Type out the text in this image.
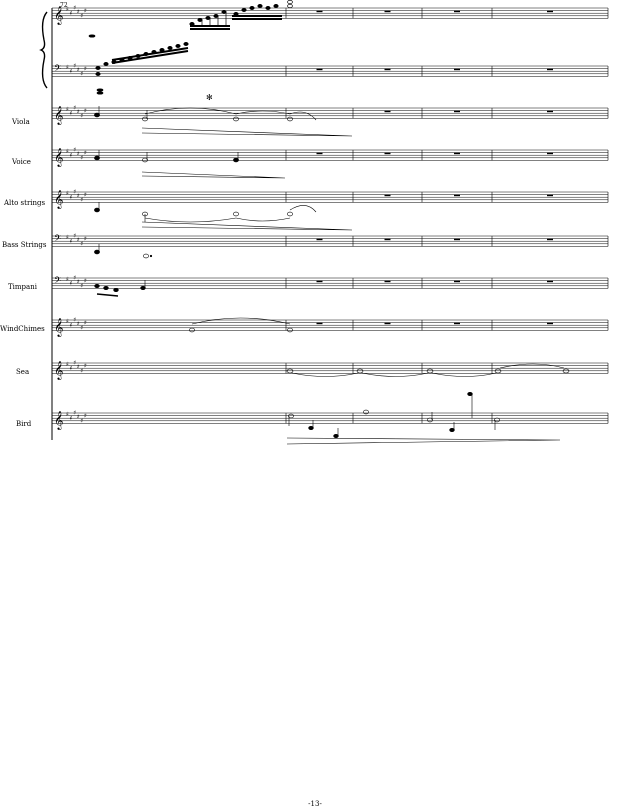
72
Viola
Voice
Alto strings
Bass Strings
Timpani
WindChimes
Sea
Bird
𝄞 ♯
♯
♯
♯
♯
♯
𝄢 ♯
♯
♯
♯
♯
♯
𝄞 ♯
♯
♯
♯
♯
♯
𝄞 ♯
♯
♯
♯
♯
♯
𝄞 ♯
♯
♯
♯
♯
♯
𝄢 ♯
♯
♯
♯
♯
♯
𝄢 ♯
♯
♯
♯
♯
♯
𝄞 ♯
♯
♯
♯
♯
♯
𝄞 ♯
♯
♯
♯
♯
♯
𝄞 ♯
♯
♯
♯
♯
♯
✻
-13-
